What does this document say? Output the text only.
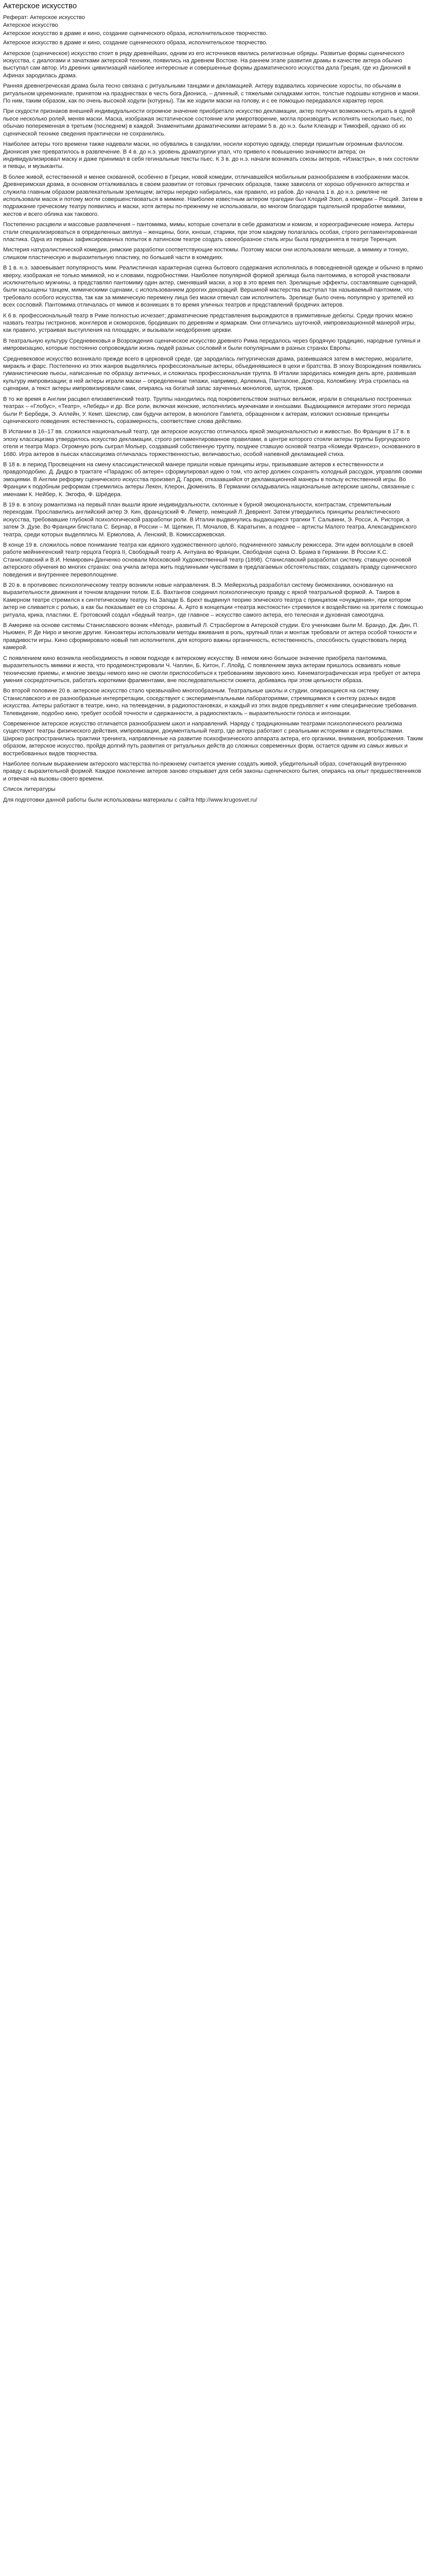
Актерское искусство
Реферат: Актерское искусство
Актерское искусство
Актерское искусство в драме и кино, создание сценического образа, исполнительское творчество.

Актерское искусство в драме и кино, создание сценического образа, исполнительское творчество.

Актерское (сценическое) искусство стоит в ряду древнейших, одним из его источников явились религиозные обряды. Развитые формы сценического искусства, с диалогами и зачатками актерской техники, появились на древнем Востоке. На раннем этапе развития драмы в качестве актера обычно выступал сам автор. Из древних цивилизаций наиболее интересные и совершенные формы драматического искусства дала Греция, где из Дионисий в Афинах зародилась драма.

Ранняя древнегреческая драма была тесно связана с ритуальными танцами и декламацией. Актеру вздавались хорические хоросты, по обычаям в ритуальном церемониале, принятом на празднествах в честь бога Диониса, – длинный, с тяжелыми складками хитон, толстые подошвы котурнов и маски. По ним, таким образом, как по очень высокой ходули (котурны). Так же ходили маски на голову, и с ее помощью передавался характер героя.

При скудости признаков внешней индивидуальности огромное значение приобретало искусство декламации, актер получал возможность играть в одной пьесе несколько ролей, меняя маски. Маска, изображая экстатическое состояние или умиротворение, могла производить исполнять несколько пьес, по обычаю попеременная в третьем (последнем) в каждой. Знаменитыми драматическими актерами 5 в. до н.э. были Клеандр и Тимофей, однако об их сценической технике сведения практически не сохранились.

Наиболее актеры того времени также надевали маски, но обувались в сандалии, носили короткую одежду, спереди пришитым огромным фаллосом. Дионисия уже превратилось в развлечение. В 4 в. до н.э. уровень драматургии упал, что привело к повышению значимости актера; он индивидуализировал маску и даже принимал в себя гегинальные тексты пьес. К 3 в. до н.э. начали возникать союзы актеров, «Изиастры», в них состояли и певцы, и музыканты.

В более живой, естественной и менее скованной, особенно в Греции, новой комедии, отличавшейся мобильным разнообразием в изображении масок. Древнеримская драма, в основном отталкивалась в своем развитии от готовых греческих образцов, также зависела от хорошо обученного актерства и служила главным образом развлекательным зрелищем; актеры нередко набирались, как правило, из рабов. До начала 1 в. до н.э. римляне не использовали масок и потому могли совершенствоваться в мимике. Наиболее известным актером трагедии был Клодий Эзоп, а комедии – Росций. Затем в подражание греческому театру появились и маски, хотя актеры по-прежнему не использовали, во многом благодаря тщательной проработке мимики, жестов и всего облика как такового.

Постепенно расцвели и массовые развлечения – пантомима, мимы, которые сочетали в себе драматизм и комизм, и хореографические номера. Актеры стали специализироваться в определенных амплуа – женщины, боги, юноши, старики, при этом каждому полагалась особая, строго регламентированная пластика. Одна из первых зафиксированных попыток в латинском театре создать своеобразное стиль игры была предпринята в театре Теренция.

Мистерия натуралистической комедии, римские разработки соответствующие костюмы. Поэтому маски они использовали меньше, а мимику и тонкую, слишком пластическую и выразительную пластику, по большей части в комедиях.

В 1 в. н.э. завоевывает популярность мим. Реалистичная характерная сценка бытового содержания исполнялась в повседневной одежде и обычно в прямо кверху, изображая не только мимикой, но и словами, подробностями. Наиболее популярной формой зрелища была пантомима, в которой участвовали исключительно мужчины, а представлял пантомиму один актер, сменявший маски, а хор в это время пел. Зрелищные эффекты, составлявшие сценарий, были насыщены танцем, мимическими сценами, с использованием дорогих декораций. Вершиной мастерства выступал так называемый пантомим, что требовало особого искусства, так как за мимическую перемену лица без маски отвечал сам исполнитель. Зрелище было очень популярно у зрителей из всех сословий. Пантомима отличалась от мимов и возникших в то время уличных театров и представлений бродячих актеров.

К 6 в. профессиональный театр в Риме полностью исчезает; драматические представления вырождаются в примитивные дебюты. Среди прочих можно назвать театры гистрионов, жонглеров и скоморохов, бродивших по деревням и ярмаркам. Они отличались шуточной, импровизационной манерой игры, как правило, устраивая выступления на площадях, и вызывали неодобрение церкви.

В театральную культуру Средневековья и Возрождения сценическое искусство древнего Рима передалось через бродячую традицию, народные гулянья и импровизацию, которые постоянно сопровождали жизнь людей разных сословий и были популярными в разных странах Европы.

Средневековое искусство возникало прежде всего в церковной среде, где зародилась литургическая драма, развившаяся затем в мистерию, моралите, миракль и фарс. Постепенно из этих жанров выделялись профессиональные актеры, объединявшиеся в цехи и братства. В эпоху Возрождения появились гуманистические пьесы, написанные по образцу античных, и сложилась профессиональная труппа. В Италии зародилась комедия дель арте, развившая культуру импровизации; в ней актеры играли маски – определенные типажи, например, Арлекина, Панталоне, Доктора, Коломбину. Игра строилась на сценарии, а текст актеры импровизировали сами, опираясь на богатый запас заученных монологов, шуток, трюков.

В то же время в Англии расцвел елизаветинский театр. Труппы находились под покровительством знатных вельмож, играли в специально построенных театрах – «Глобус», «Театр», «Лебедь» и др. Все роли, включая женские, исполнялись мужчинами и юношами. Выдающимися актерами этого периода были Р. Бербедж, Э. Аллейн, У. Кемп. Шекспир, сам будучи актером, в монологе Гамлета, обращенном к актерам, изложил основные принципы сценического поведения: естественность, соразмерность, соответствие слова действию.

В Испании в 16–17 вв. сложился национальный театр, где актерское искусство отличалось яркой эмоциональностью и живостью. Во Франции в 17 в. в эпоху классицизма утвердилось искусство декламации, строго регламентированное правилами, в центре которого стояли актеры труппы Бургундского отеля и театра Марэ. Огромную роль сыграл Мольер, создавший собственную труппу, позднее ставшую основой театра «Комеди Франсез», основанного в 1680. Игра актеров в пьесах классицизма отличалась торжественностью, величавостью, особой напевной декламацией стиха.

В 18 в. в период Просвещения на смену классицистической манере пришли новые принципы игры, призывавшие актеров к естественности и правдоподобию. Д. Дидро в трактате «Парадокс об актере» сформулировал идею о том, что актер должен сохранять холодный рассудок, управляя своими эмоциями. В Англии реформу сценического искусства произвел Д. Гаррик, отказавшийся от декламационной манеры в пользу естественной игры. Во Франции к подобным реформам стремились актеры Лекен, Клерон, Дюмениль. В Германии складывались национальные актерские школы, связанные с именами К. Нейбер, К. Экгофа, Ф. Шрёдера.

В 19 в. в эпоху романтизма на первый план вышли яркие индивидуальности, склонные к бурной эмоциональности, контрастам, стремительным переходам. Прославились английский актер Э. Кин, французский Ф. Леметр, немецкий Л. Девриент. Затем утвердились принципы реалистического искусства, требовавшие глубокой психологической разработки роли. В Италии выдвинулись выдающиеся трагики Т. Сальвини, Э. Росси, А. Ристори, а затем Э. Дузе. Во Франции блистала С. Бернар, в России – М. Щепкин, П. Мочалов, В. Каратыгин, а позднее – артисты Малого театра, Александринского театра, среди которых выделялись М. Ермолова, А. Ленский, В. Комиссаржевская.

В конце 19 в. сложилось новое понимание театра как единого художественного целого, подчиненного замыслу режиссера. Эти идеи воплощали в своей работе мейнингенский театр герцога Георга II, Свободный театр А. Антуана во Франции, Свободная сцена О. Брама в Германии. В России К.С. Станиславский и В.И. Немирович-Данченко основали Московский Художественный театр (1898). Станиславский разработал систему, ставшую основой актерского обучения во многих странах: она учила актера жить подлинными чувствами в предлагаемых обстоятельствах, создавать правду сценического поведения и внутреннее перевоплощение.

В 20 в. в противовес психологическому театру возникли новые направления. В.Э. Мейерхольд разработал систему биомеханики, основанную на выразительности движения и точном владении телом. Е.Б. Вахтангов соединил психологическую правду с яркой театральной формой. А. Таиров в Камерном театре стремился к синтетическому театру. На Западе Б. Брехт выдвинул теорию эпического театра с принципом «очуждения», при котором актер не сливается с ролью, а как бы показывает ее со стороны. А. Арто в концепции «театра жестокости» стремился к воздействию на зрителя с помощью ритуала, крика, пластики. Е. Гротовский создал «бедный театр», где главное – искусство самого актера, его телесная и духовная самоотдача.

В Америке на основе системы Станиславского возник «Метод», развитый Л. Страсбергом в Актерской студии. Его учениками были М. Брандо, Дж. Дин, П. Ньюмен, Р. Де Ниро и многие другие. Киноактеры использовали методы вживания в роль, крупный план и монтаж требовали от актера особой тонкости и правдивости игры. Кино сформировало новый тип исполнителя, для которого важны органичность, естественность, способность существовать перед камерой.

С появлением кино возникла необходимость в новом подходе к актерскому искусству. В немом кино большое значение приобрела пантомима, выразительность мимики и жеста, что продемонстрировали Ч. Чаплин, Б. Китон, Г. Ллойд. С появлением звука актерам пришлось осваивать новые технические приемы, и многие звезды немого кино не смогли приспособиться к требованиям звукового кино. Кинематографическая игра требует от актера умения сосредоточиться, работать короткими фрагментами, вне последовательности сюжета, добиваясь при этом цельности образа.

Во второй половине 20 в. актерское искусство стало чрезвычайно многообразным. Театральные школы и студии, опирающиеся на систему Станиславского и ее разнообразные интерпретации, соседствуют с экспериментальными лабораториями, стремящимися к синтезу разных видов искусства. Актеры работают в театре, кино, на телевидении, в радиопостановках, и каждый из этих видов предъявляет к ним специфические требования. Телевидение, подобно кино, требует особой точности и сдержанности, а радиоспектакль – выразительности голоса и интонации.

Современное актерское искусство отличается разнообразием школ и направлений. Наряду с традиционными театрами психологического реализма существуют театры физического действия, импровизации, документальный театр, где актеры работают с реальными историями и свидетельствами. Широко распространились практики тренинга, направленные на развитие психофизического аппарата актера, его органики, внимания, воображения. Таким образом, актерское искусство, пройдя долгий путь развития от ритуальных действ до сложных современных форм, остается одним из самых живых и востребованных видов творчества.

Наиболее полным выражением актерского мастерства по-прежнему считается умение создать живой, убедительный образ, сочетающий внутреннюю правду с выразительной формой. Каждое поколение актеров заново открывает для себя законы сценического бытия, опираясь на опыт предшественников и отвечая на вызовы своего времени.

Список литературы

Для подготовки данной работы были использованы материалы с сайта http://www.krugosvet.ru/
